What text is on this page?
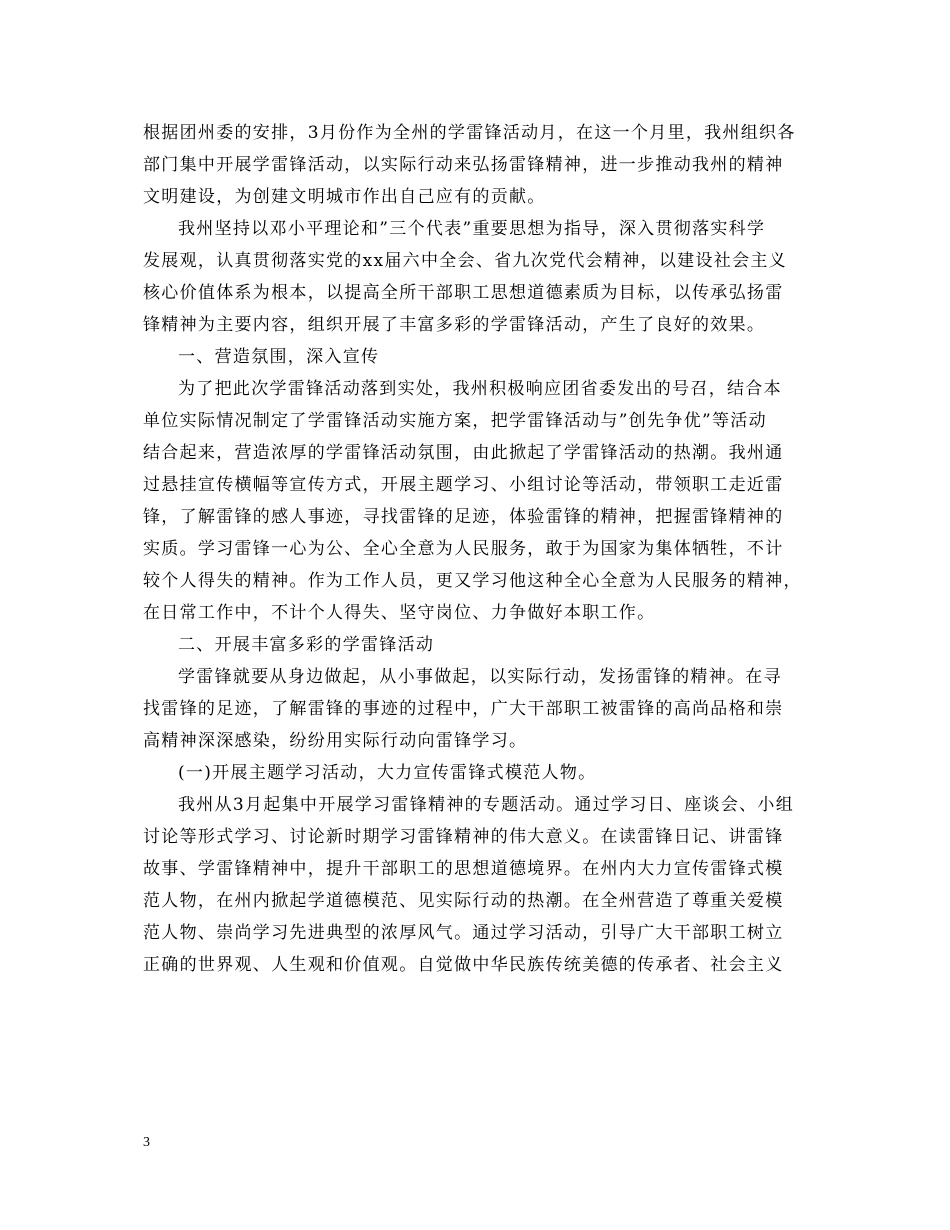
根据团州委的安排，3月份作为全州的学雷锋活动月，在这一个月里，我州组织各
部门集中开展学雷锋活动，以实际行动来弘扬雷锋精神，进一步推动我州的精神
文明建设，为创建文明城市作出自己应有的贡献。
我州坚持以邓小平理论和”三个代表”重要思想为指导，深入贯彻落实科学
发展观，认真贯彻落实党的xx届六中全会、省九次党代会精神，以建设社会主义
核心价值体系为根本，以提高全所干部职工思想道德素质为目标，以传承弘扬雷
锋精神为主要内容，组织开展了丰富多彩的学雷锋活动，产生了良好的效果。
一、营造氛围，深入宣传
为了把此次学雷锋活动落到实处，我州积极响应团省委发出的号召，结合本
单位实际情况制定了学雷锋活动实施方案，把学雷锋活动与”创先争优”等活动
结合起来，营造浓厚的学雷锋活动氛围，由此掀起了学雷锋活动的热潮。我州通
过悬挂宣传横幅等宣传方式，开展主题学习、小组讨论等活动，带领职工走近雷
锋，了解雷锋的感人事迹，寻找雷锋的足迹，体验雷锋的精神，把握雷锋精神的
实质。学习雷锋一心为公、全心全意为人民服务，敢于为国家为集体牺牲，不计
较个人得失的精神。作为工作人员，更又学习他这种全心全意为人民服务的精神，
在日常工作中，不计个人得失、坚守岗位、力争做好本职工作。
二、开展丰富多彩的学雷锋活动
学雷锋就要从身边做起，从小事做起，以实际行动，发扬雷锋的精神。在寻
找雷锋的足迹，了解雷锋的事迹的过程中，广大干部职工被雷锋的高尚品格和崇
高精神深深感染，纷纷用实际行动向雷锋学习。
(一)开展主题学习活动，大力宣传雷锋式模范人物。
我州从3月起集中开展学习雷锋精神的专题活动。通过学习日、座谈会、小组
讨论等形式学习、讨论新时期学习雷锋精神的伟大意义。在读雷锋日记、讲雷锋
故事、学雷锋精神中，提升干部职工的思想道德境界。在州内大力宣传雷锋式模
范人物，在州内掀起学道德模范、见实际行动的热潮。在全州营造了尊重关爱模
范人物、崇尚学习先进典型的浓厚风气。通过学习活动，引导广大干部职工树立
正确的世界观、人生观和价值观。自觉做中华民族传统美德的传承者、社会主义
3
